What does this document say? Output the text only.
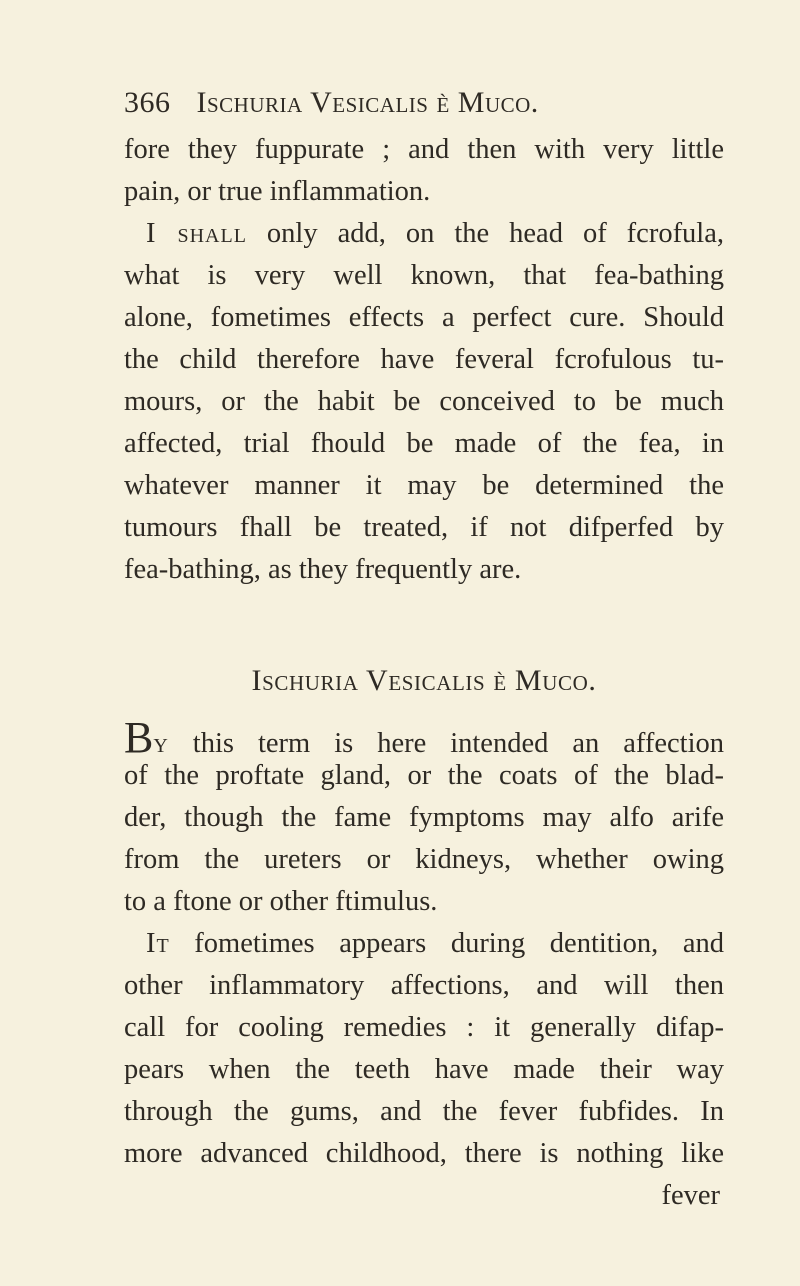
366 Ischuria Vesicalis è Muco.
fore they fuppurate ; and then with very little
pain, or true inflammation.
I shall only add, on the head of fcrofula,
what is very well known, that fea-bathing
alone, fometimes effects a perfect cure. Should
the child therefore have feveral fcrofulous tu-
mours, or the habit be conceived to be much
affected, trial fhould be made of the fea, in
whatever manner it may be determined the
tumours fhall be treated, if not difperfed by
fea-bathing, as they frequently are.
Ischuria Vesicalis è Muco.
By this term is here intended an affection
of the proftate gland, or the coats of the blad-
der, though the fame fymptoms may alfo arife
from the ureters or kidneys, whether owing
to a ftone or other ftimulus.
It fometimes appears during dentition, and
other inflammatory affections, and will then
call for cooling remedies : it generally difap-
pears when the teeth have made their way
through the gums, and the fever fubfides. In
more advanced childhood, there is nothing like
fever
